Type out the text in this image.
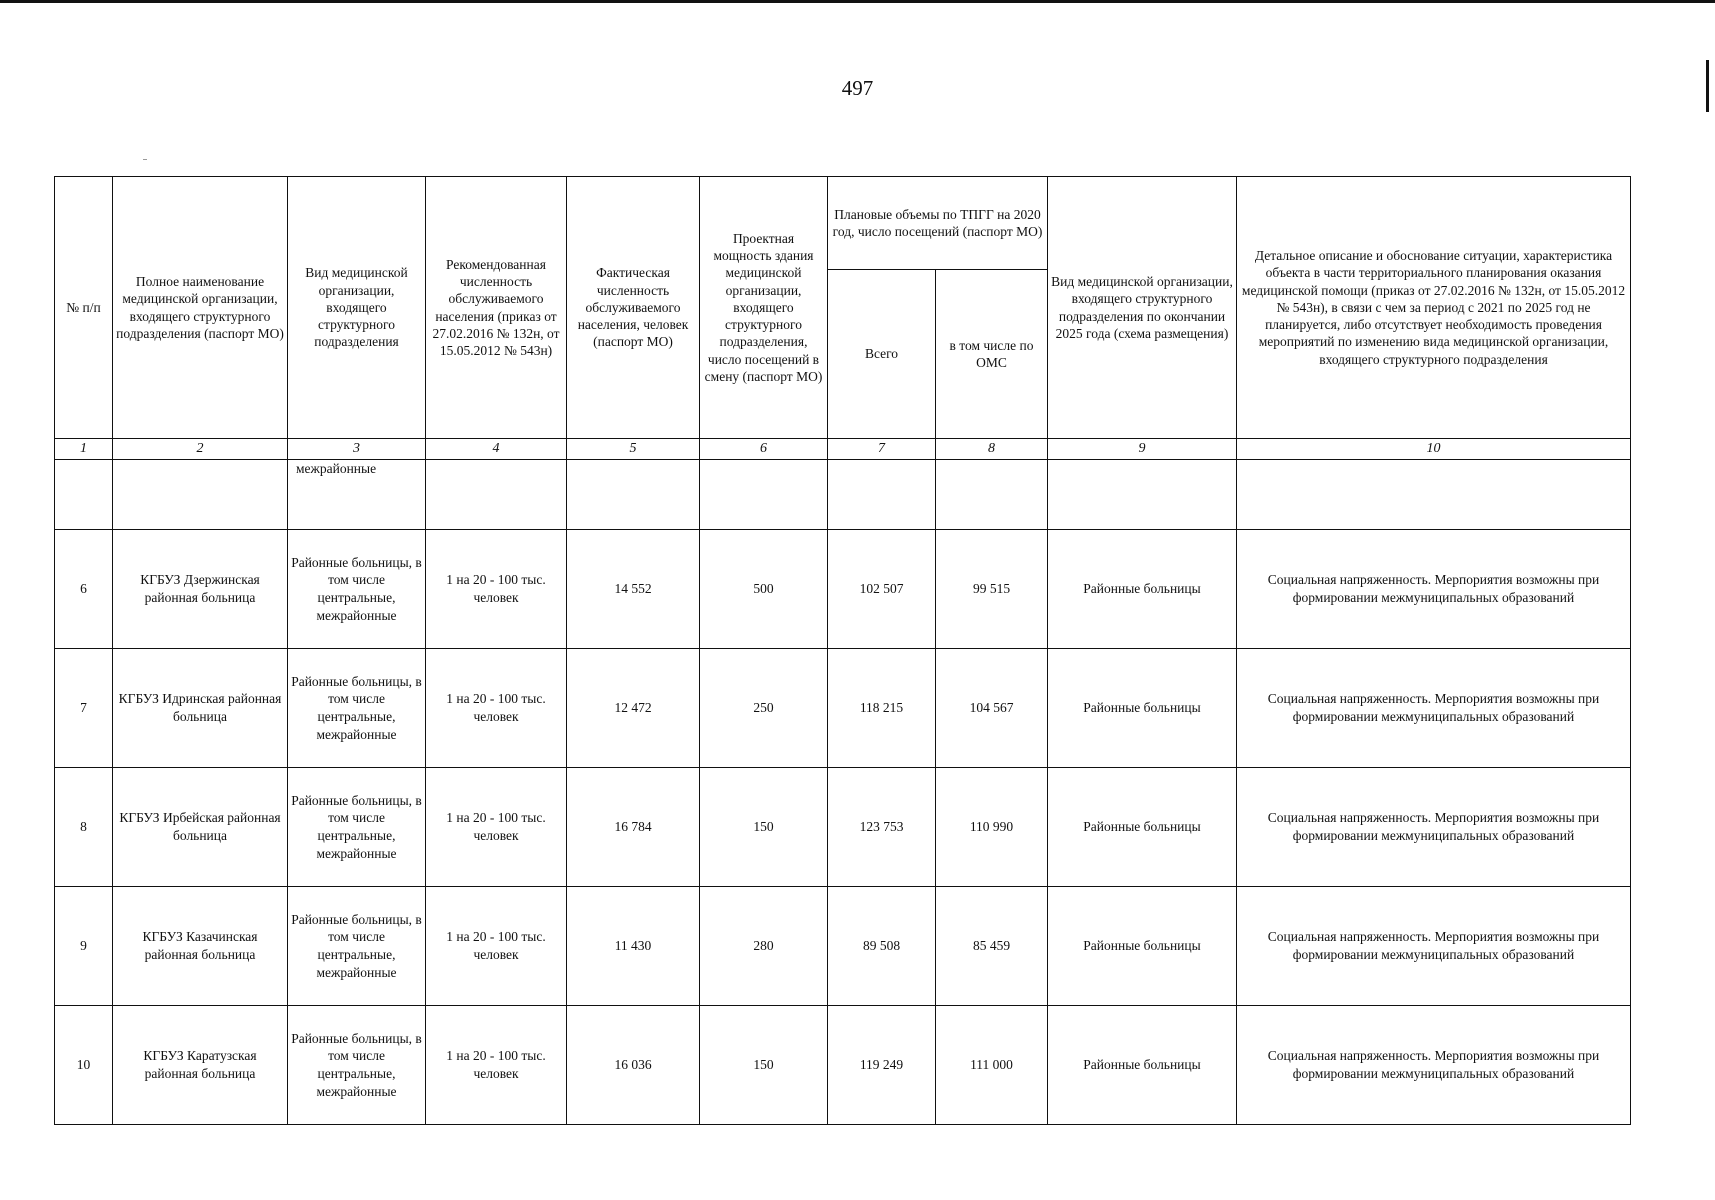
497
№ п/п	Полное наименование медицинской организации, входящего структурного подразделения (паспорт МО)	Вид медицинской организации, входящего структурного подразделения	Рекомендованная численность обслуживаемого населения (приказ от 27.02.2016 № 132н, от 15.05.2012 № 543н)	Фактическая численность обслуживаемого населения, человек (паспорт МО)	Проектная мощность здания медицинской организации, входящего структурного подразделения, число посещений в смену (паспорт МО)	Плановые объемы по ТПГГ на 2020 год, число посещений (паспорт МО)		Вид медицинской организации, входящего структурного подразделения по окончании 2025 года (схема размещения)	Детальное описание и обоснование ситуации, характеристика объекта в части территориального планирования оказания медицинской помощи (приказ от 27.02.2016 № 132н, от 15.05.2012 № 543н), в связи с чем за период с 2021 по 2025 год не планируется, либо отсутствует необходимость проведения мероприятий по изменению вида медицинской организации, входящего структурного подразделения
						Всего	в том числе по ОМС		
1	2	3	4	5	6	7	8	9	10
		межрайонные							
6	КГБУЗ Дзержинская районная больница	Районные больницы, в том числе центральные, межрайонные	1 на 20 - 100 тыс. человек	14 552	500	102 507	99 515	Районные больницы	Социальная напряженность. Мерпориятия возможны при формировании межмуниципальных образований
7	КГБУЗ Идринская районная больница	Районные больницы, в том числе центральные, межрайонные	1 на 20 - 100 тыс. человек	12 472	250	118 215	104 567	Районные больницы	Социальная напряженность. Мерпориятия возможны при формировании межмуниципальных образований
8	КГБУЗ Ирбейская районная больница	Районные больницы, в том числе центральные, межрайонные	1 на 20 - 100 тыс. человек	16 784	150	123 753	110 990	Районные больницы	Социальная напряженность. Мерпориятия возможны при формировании межмуниципальных образований
9	КГБУЗ Казачинская районная больница	Районные больницы, в том числе центральные, межрайонные	1 на 20 - 100 тыс. человек	11 430	280	89 508	85 459	Районные больницы	Социальная напряженность. Мерпориятия возможны при формировании межмуниципальных образований
10	КГБУЗ Каратузская районная больница	Районные больницы, в том числе центральные, межрайонные	1 на 20 - 100 тыс. человек	16 036	150	119 249	111 000	Районные больницы	Социальная напряженность. Мерпориятия возможны при формировании межмуниципальных образований
